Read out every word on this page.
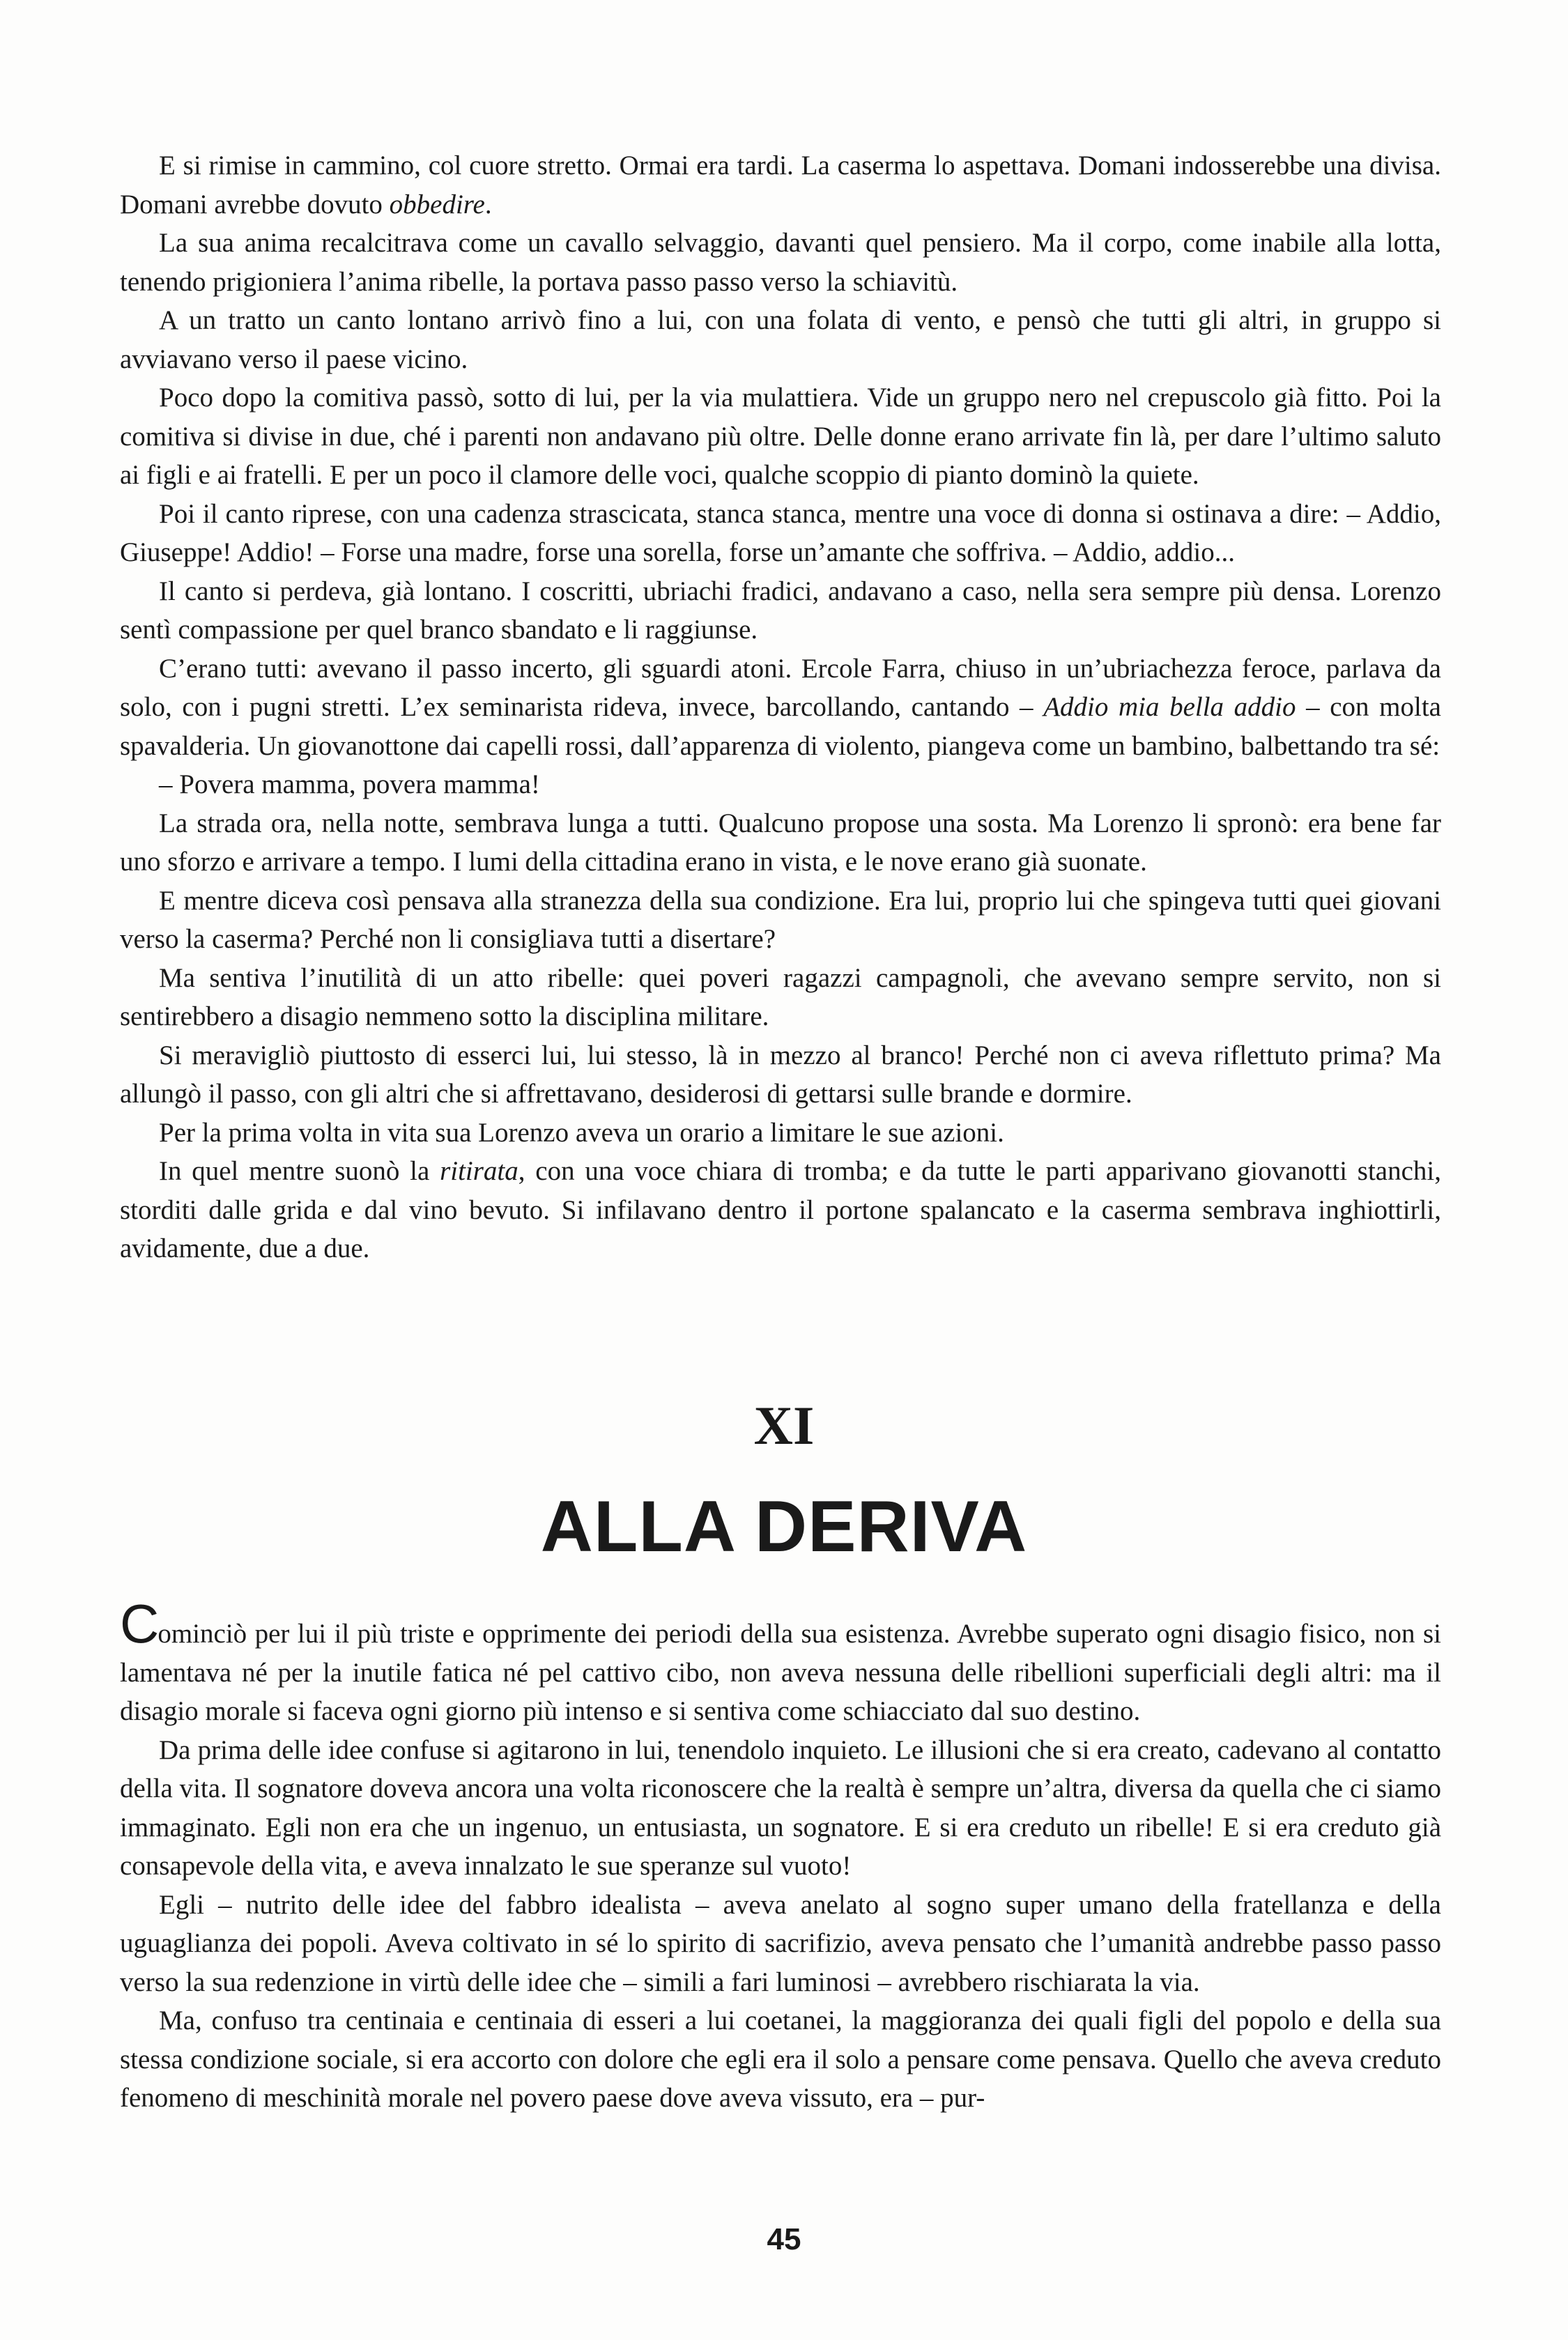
E si rimise in cammino, col cuore stretto. Ormai era tardi. La caserma lo aspettava. Domani indosserebbe una divisa. Domani avrebbe dovuto obbedire.

La sua anima recalcitrava come un cavallo selvaggio, davanti quel pensiero. Ma il corpo, come inabile alla lotta, tenendo prigioniera l’anima ribelle, la portava passo passo verso la schiavitù.

A un tratto un canto lontano arrivò fino a lui, con una folata di vento, e pensò che tutti gli altri, in gruppo si avviavano verso il paese vicino.

Poco dopo la comitiva passò, sotto di lui, per la via mulattiera. Vide un gruppo nero nel crepuscolo già fitto. Poi la comitiva si divise in due, ché i parenti non andavano più oltre. Delle donne erano arrivate fin là, per dare l’ultimo saluto ai figli e ai fratelli. E per un poco il clamore delle voci, qualche scoppio di pianto dominò la quiete.

Poi il canto riprese, con una cadenza strascicata, stanca stanca, mentre una voce di donna si ostinava a dire: – Addio, Giuseppe! Addio! – Forse una madre, forse una sorella, forse un’amante che soffriva. – Addio, addio...

Il canto si perdeva, già lontano. I coscritti, ubriachi fradici, andavano a caso, nella sera sempre più densa. Lorenzo sentì compassione per quel branco sbandato e li raggiunse.

C’erano tutti: avevano il passo incerto, gli sguardi atoni. Ercole Farra, chiuso in un’ubriachezza feroce, parlava da solo, con i pugni stretti. L’ex seminarista rideva, invece, barcollando, cantando – Addio mia bella addio – con molta spavalderia. Un giovanottone dai capelli rossi, dall’apparenza di violento, piangeva come un bambino, balbettando tra sé:

– Povera mamma, povera mamma!

La strada ora, nella notte, sembrava lunga a tutti. Qualcuno propose una sosta. Ma Lorenzo li spronò: era bene far uno sforzo e arrivare a tempo. I lumi della cittadina erano in vista, e le nove erano già suonate.

E mentre diceva così pensava alla stranezza della sua condizione. Era lui, proprio lui che spingeva tutti quei giovani verso la caserma? Perché non li consigliava tutti a disertare?

Ma sentiva l’inutilità di un atto ribelle: quei poveri ragazzi campagnoli, che avevano sempre servito, non si sentirebbero a disagio nemmeno sotto la disciplina militare.

Si meravigliò piuttosto di esserci lui, lui stesso, là in mezzo al branco! Perché non ci aveva riflettuto prima? Ma allungò il passo, con gli altri che si affrettavano, desiderosi di gettarsi sulle brande e dormire.

Per la prima volta in vita sua Lorenzo aveva un orario a limitare le sue azioni.

In quel mentre suonò la ritirata, con una voce chiara di tromba; e da tutte le parti apparivano giovanotti stanchi, storditi dalle grida e dal vino bevuto. Si infilavano dentro il portone spalancato e la caserma sembrava inghiottirli, avidamente, due a due.

XI
ALLA DERIVA

Cominciò per lui il più triste e opprimente dei periodi della sua esistenza. Avrebbe superato ogni disagio fisico, non si lamentava né per la inutile fatica né pel cattivo cibo, non aveva nessuna delle ribellioni superficiali degli altri: ma il disagio morale si faceva ogni giorno più intenso e si sentiva come schiacciato dal suo destino.

Da prima delle idee confuse si agitarono in lui, tenendolo inquieto. Le illusioni che si era creato, cadevano al contatto della vita. Il sognatore doveva ancora una volta riconoscere che la realtà è sempre un’altra, diversa da quella che ci siamo immaginato. Egli non era che un ingenuo, un entusiasta, un sognatore. E si era creduto un ribelle! E si era creduto già consapevole della vita, e aveva innalzato le sue speranze sul vuoto!

Egli – nutrito delle idee del fabbro idealista – aveva anelato al sogno super umano della fratellanza e della uguaglianza dei popoli. Aveva coltivato in sé lo spirito di sacrifizio, aveva pensato che l’umanità andrebbe passo passo verso la sua redenzione in virtù delle idee che – simili a fari luminosi – avrebbero rischiarata la via.

Ma, confuso tra centinaia e centinaia di esseri a lui coetanei, la maggioranza dei quali figli del popolo e della sua stessa condizione sociale, si era accorto con dolore che egli era il solo a pensare come pensava. Quello che aveva creduto fenomeno di meschinità morale nel povero paese dove aveva vissuto, era – pur-

45
